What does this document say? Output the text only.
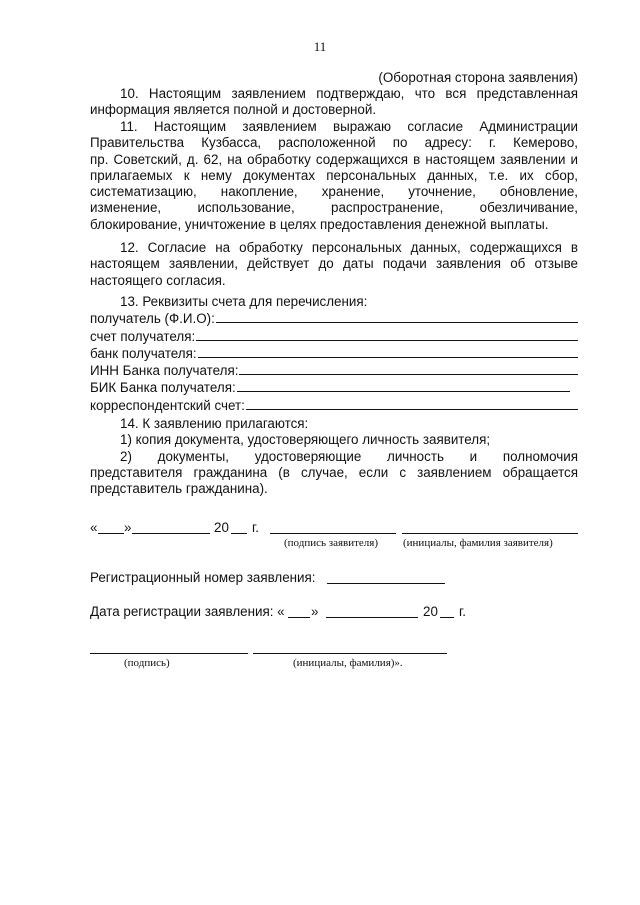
11
(Оборотная сторона заявления)
10. Настоящим заявлением подтверждаю, что вся представленная
информация является полной и достоверной.
11. Настоящим заявлением выражаю согласие Администрации
Правительства Кузбасса, расположенной по адресу: г. Кемерово,
пр. Советский, д. 62, на обработку содержащихся в настоящем заявлении и
прилагаемых к нему документах персональных данных, т.е. их сбор,
систематизацию, накопление, хранение, уточнение, обновление,
изменение, использование, распространение, обезличивание,
блокирование, уничтожение в целях предоставления денежной выплаты.
12. Согласие на обработку персональных данных, содержащихся в
настоящем заявлении, действует до даты подачи заявления об отзыве
настоящего согласия.
13. Реквизиты счета для перечисления:
получатель (Ф.И.О):
счет получателя:
банк получателя:
ИНН Банка получателя:
БИК Банка получателя:
корреспондентский счет:
14. К заявлению прилагаются:
1) копия документа, удостоверяющего личность заявителя;
2) документы, удостоверяющие личность и полномочия
представителя гражданина (в случае, если с заявлением обращается
представитель гражданина).
« »	20 г.
(подпись заявителя) (инициалы, фамилия заявителя)
Регистрационный номер заявления:
Дата регистрации заявления: « »	20 г.
(подпись)	(инициалы, фамилия)».
